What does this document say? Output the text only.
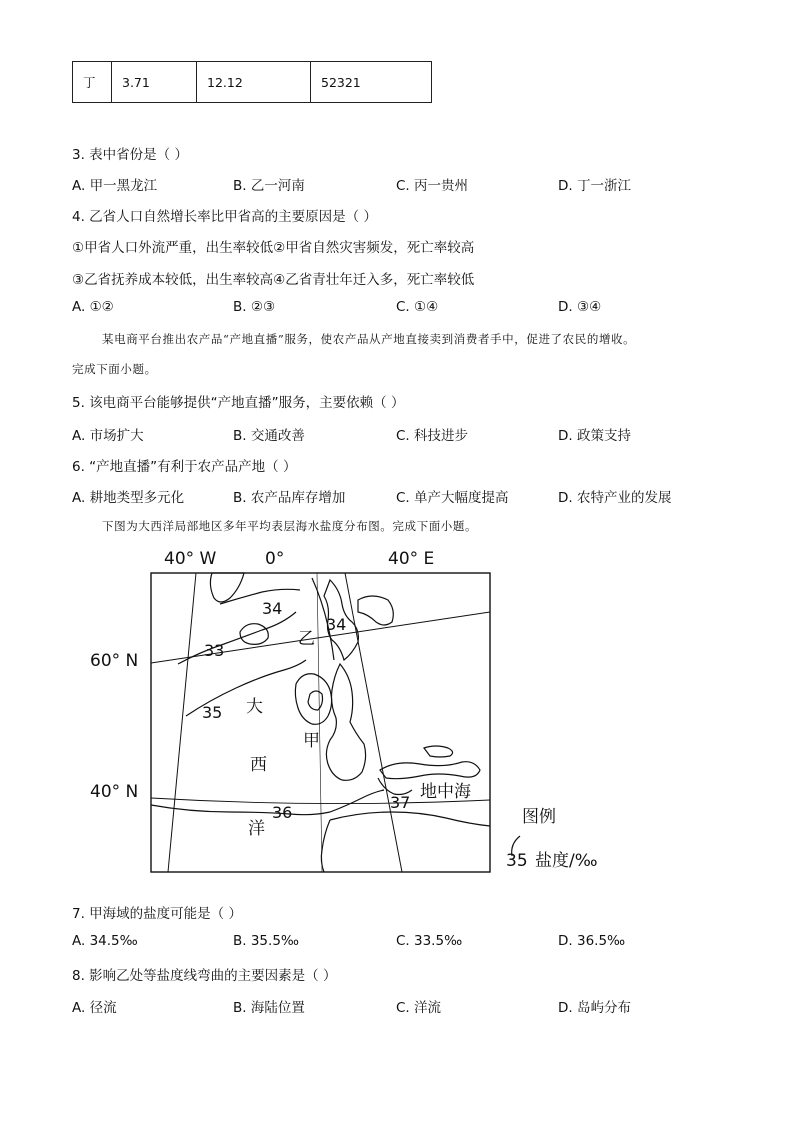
丁	3.71	12.12	52321
3. 表中省份是（ ）
A. 甲一黑龙江	B. 乙一河南	C. 丙一贵州	D. 丁一浙江
4. 乙省人口自然增长率比甲省高的主要原因是（ ）
①甲省人口外流严重，出生率较低②甲省自然灾害频发，死亡率较高
③乙省抚养成本较低，出生率较高④乙省青壮年迁入多，死亡率较低
A. ①②	B. ②③	C. ①④	D. ③④
某电商平台推出农产品“产地直播”服务，使农产品从产地直接卖到消费者手中，促进了农民的增收。
完成下面小题。
5. 该电商平台能够提供“产地直播”服务，主要依赖（ ）
A. 市场扩大	B. 交通改善	C. 科技进步	D. 政策支持
6. “产地直播”有利于农产品产地（ ）
A. 耕地类型多元化	B. 农产品库存增加	C. 单产大幅度提高	D. 农特产业的发展
下图为大西洋局部地区多年平均表层海水盐度分布图。完成下面小题。
40° W	0°	40° E
60° N
40° N
34
33
35
34
36
37
大
西
洋
乙
甲
地中海
图例
35 盐度/‰
7. 甲海域的盐度可能是（ ）
A. 34.5‰	B. 35.5‰	C. 33.5‰	D. 36.5‰
8. 影响乙处等盐度线弯曲的主要因素是（ ）
A. 径流	B. 海陆位置	C. 洋流	D. 岛屿分布
